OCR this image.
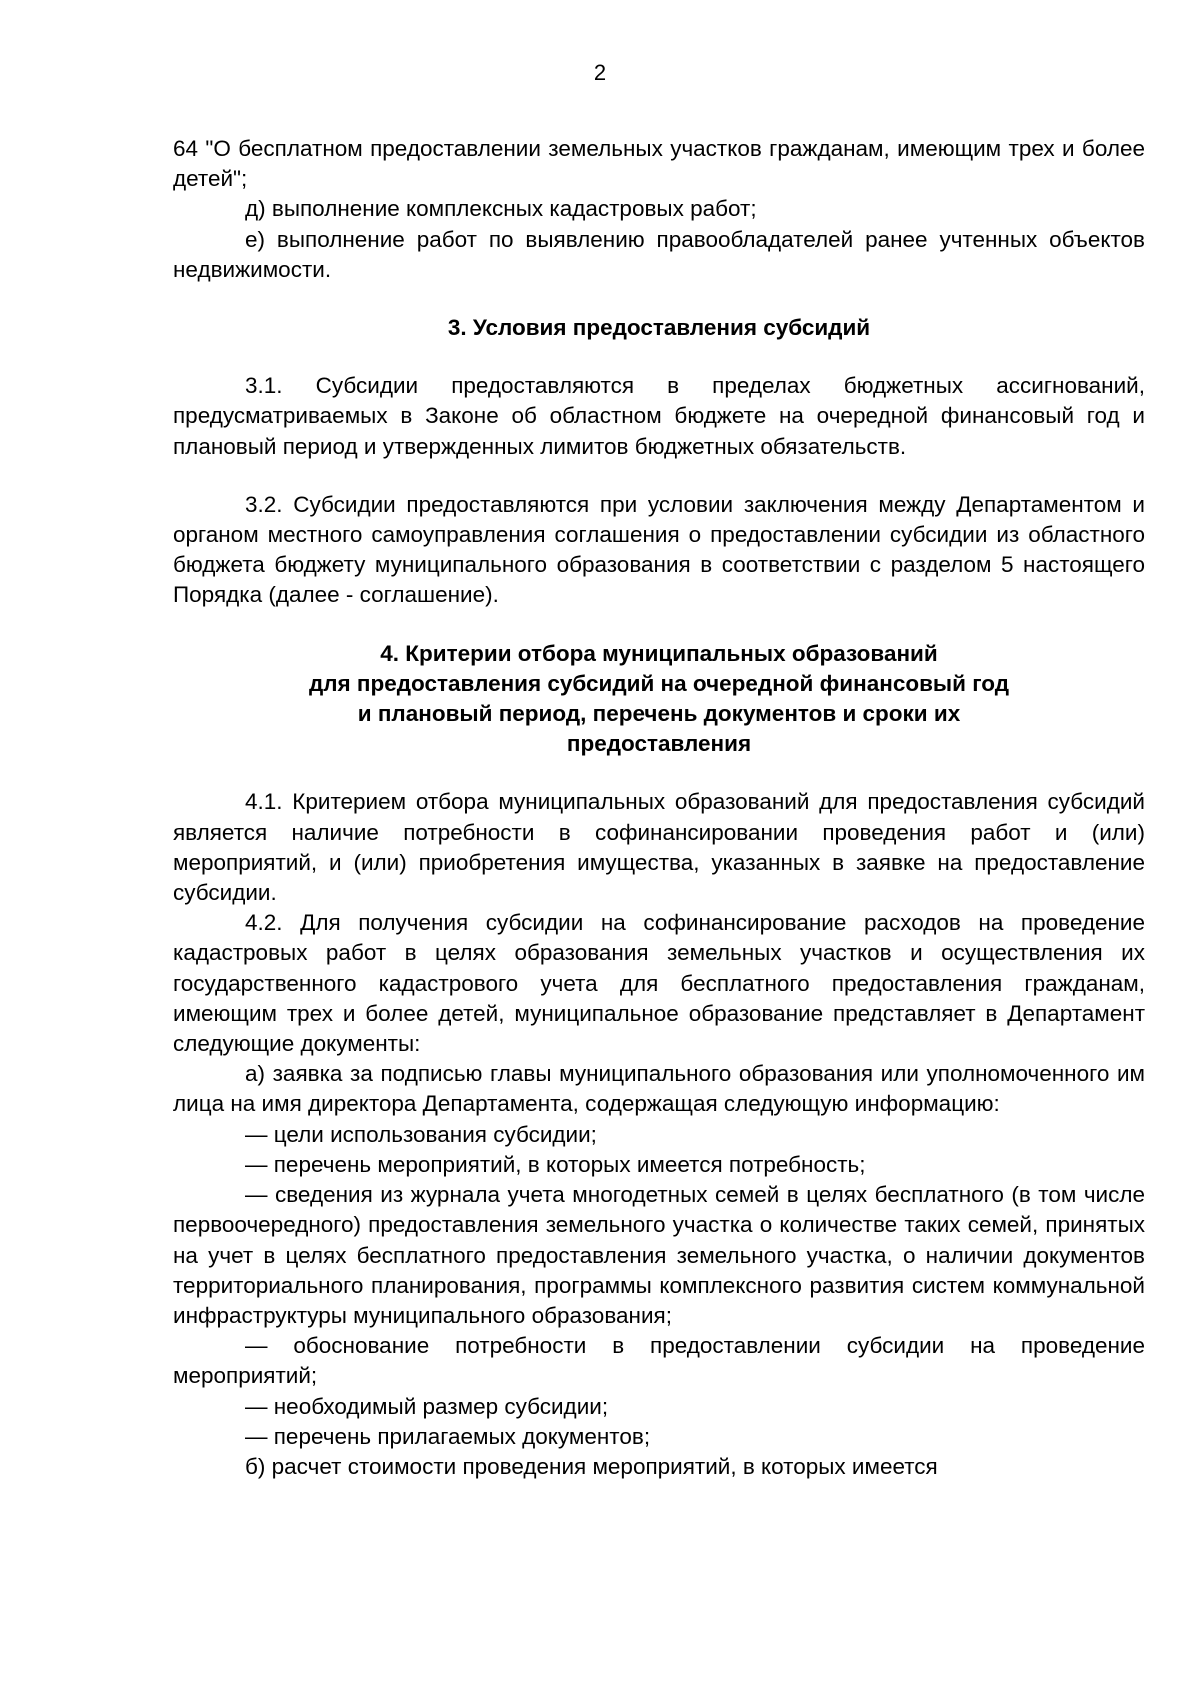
2

64 "О бесплатном предоставлении земельных участков гражданам, имеющим трех и более детей";

д) выполнение комплексных кадастровых работ;

е) выполнение работ по выявлению правообладателей ранее учтенных объектов недвижимости.

3. Условия предоставления субсидий

3.1. Субсидии предоставляются в пределах бюджетных ассигнований, предусматриваемых в Законе об областном бюджете на очередной финансовый год и плановый период и утвержденных лимитов бюджетных обязательств.

3.2. Субсидии предоставляются при условии заключения между Департаментом и органом местного самоуправления соглашения о предоставлении субсидии из областного бюджета бюджету муниципального образования в соответствии с разделом 5 настоящего Порядка (далее - соглашение).

4. Критерии отбора муниципальных образований
для предоставления субсидий на очередной финансовый год
и плановый период, перечень документов и сроки их
предоставления

4.1. Критерием отбора муниципальных образований для предоставления субсидий является наличие потребности в софинансировании проведения работ и (или) мероприятий, и (или) приобретения имущества, указанных в заявке на предоставление субсидии.

4.2. Для получения субсидии на софинансирование расходов на проведение кадастровых работ в целях образования земельных участков и осуществления их государственного кадастрового учета для бесплатного предоставления гражданам, имеющим трех и более детей, муниципальное образование представляет в Департамент следующие документы:

а) заявка за подписью главы муниципального образования или уполномоченного им лица на имя директора Департамента, содержащая следующую информацию:

— цели использования субсидии;

— перечень мероприятий, в которых имеется потребность;

— сведения из журнала учета многодетных семей в целях бесплатного (в том числе первоочередного) предоставления земельного участка о количестве таких семей, принятых на учет в целях бесплатного предоставления земельного участка, о наличии документов территориального планирования, программы комплексного развития систем коммунальной инфраструктуры муниципального образования;

— обоснование потребности в предоставлении субсидии на проведение мероприятий;

— необходимый размер субсидии;

— перечень прилагаемых документов;

б) расчет стоимости проведения мероприятий, в которых имеется
